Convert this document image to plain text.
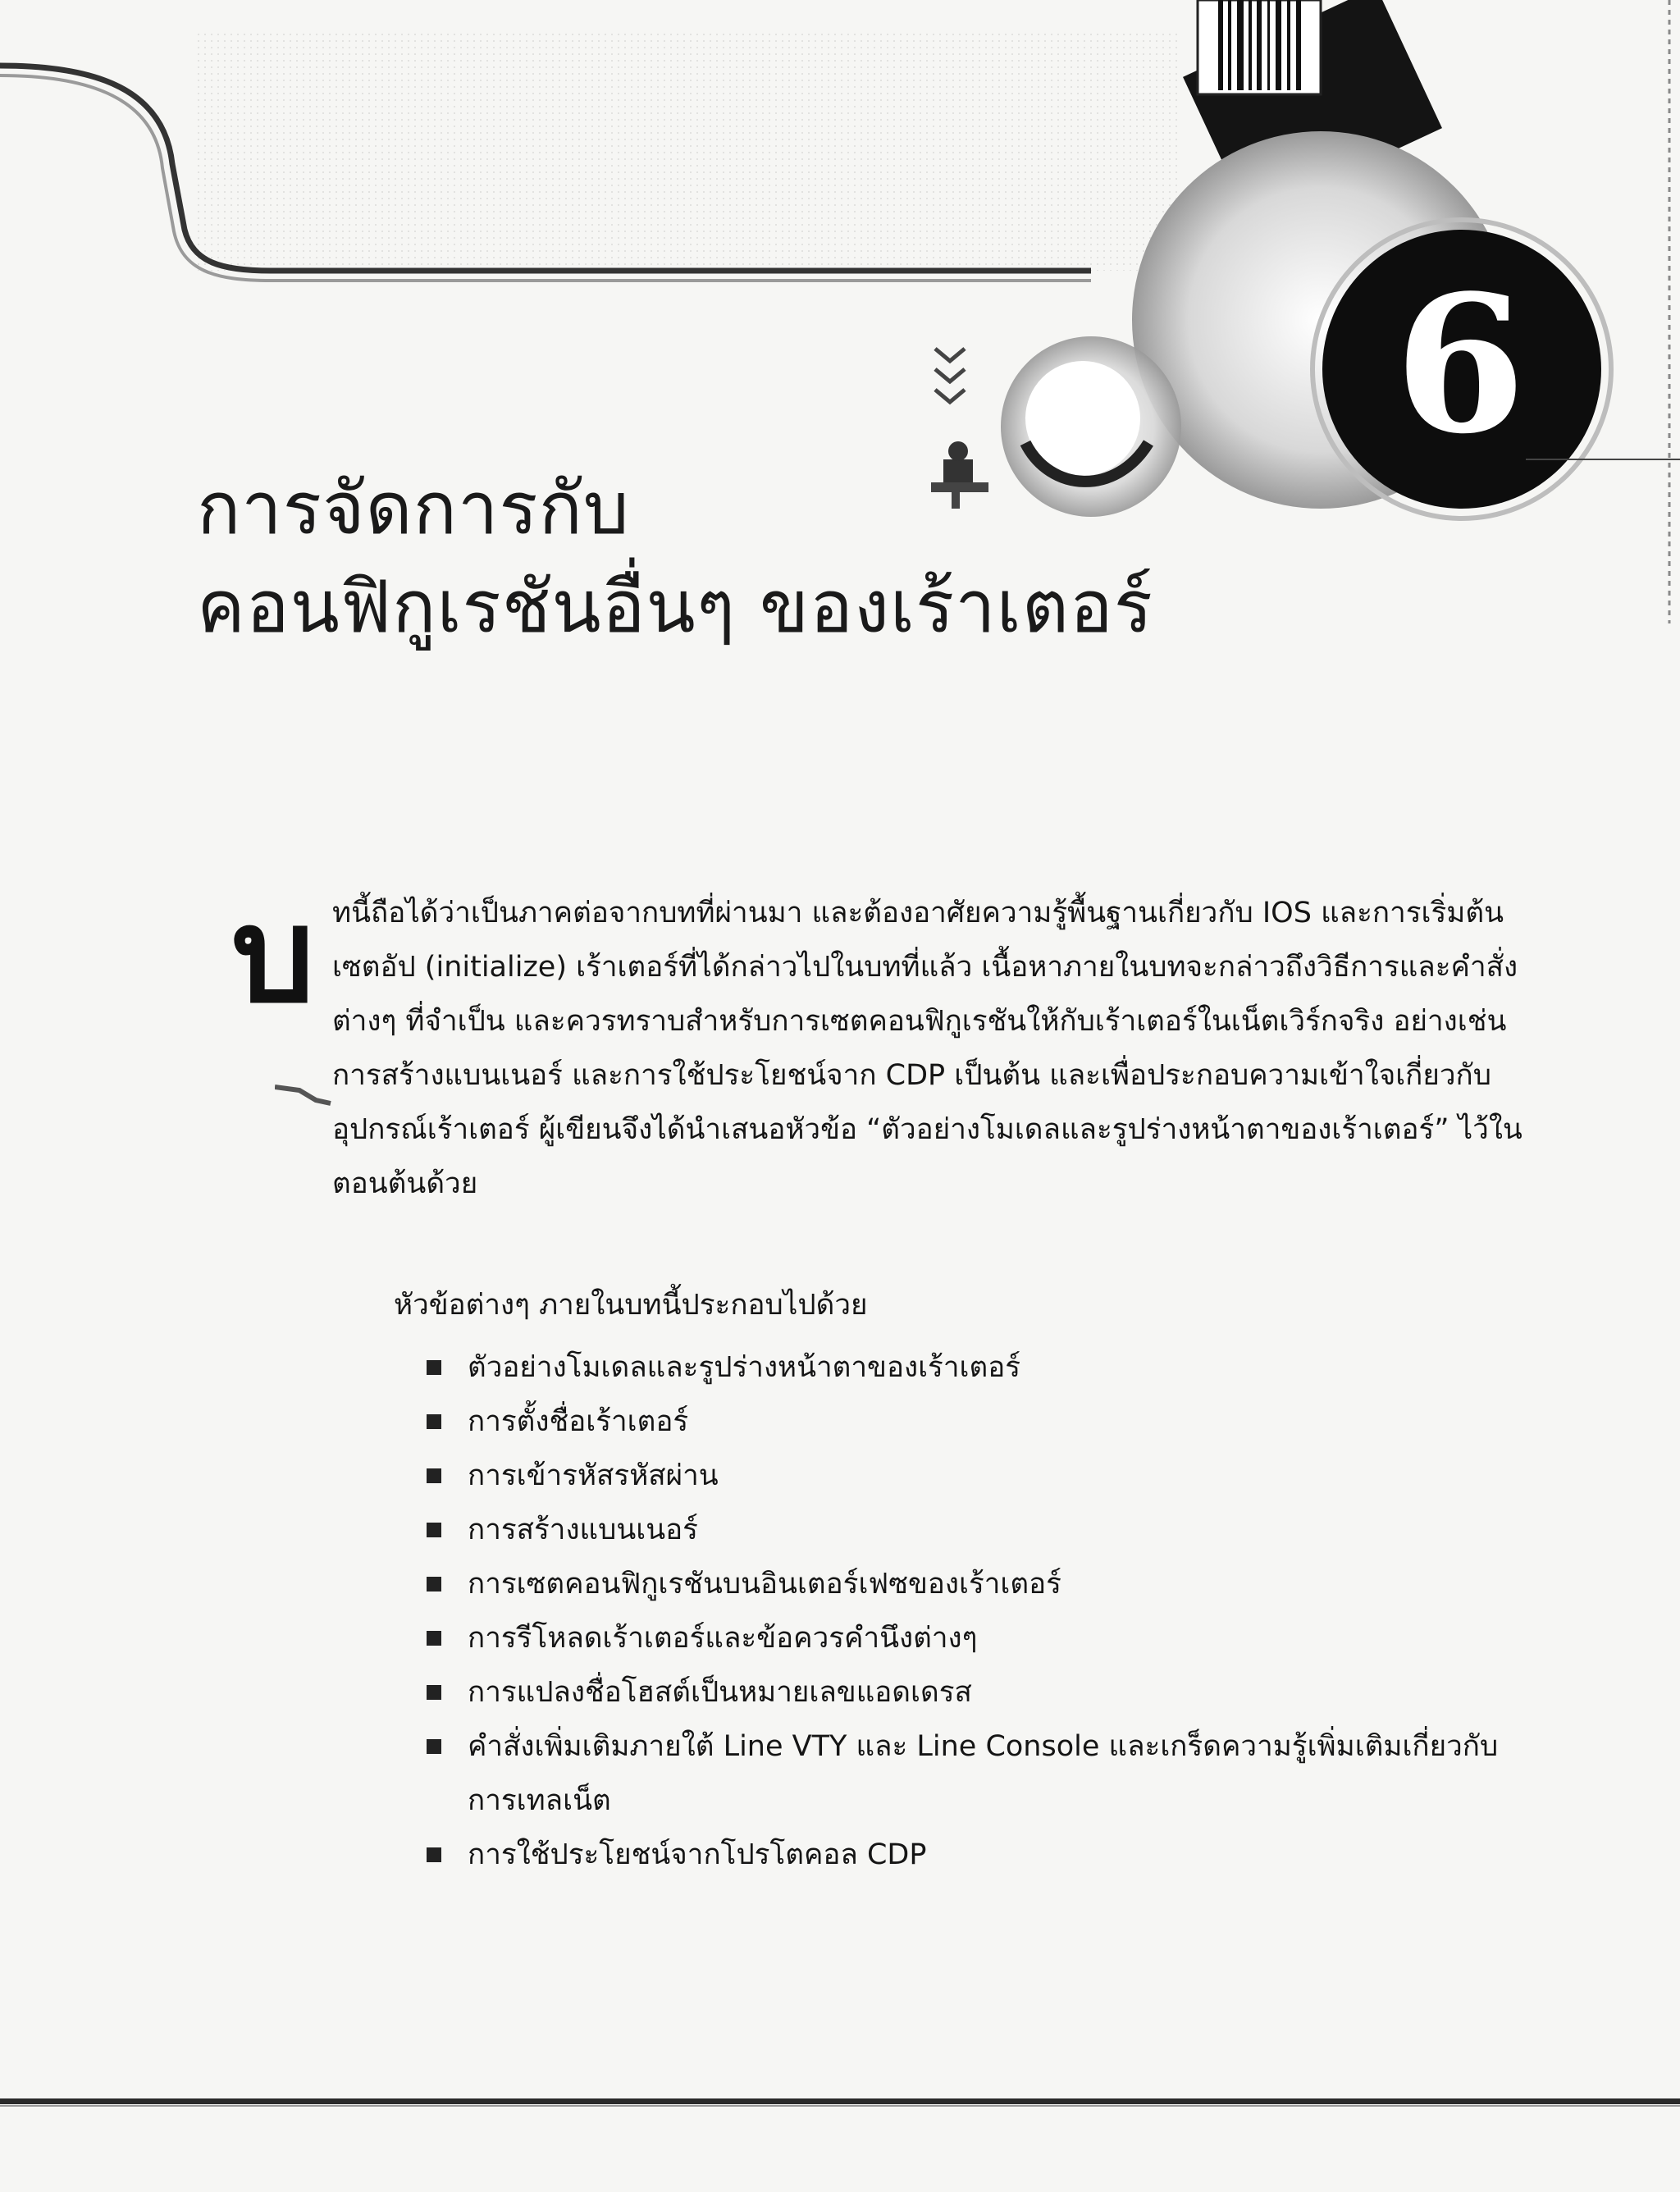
6
การจัดการกับ
คอนฟิกูเรชันอื่นๆ ของเร้าเตอร์
บ ทนี้ถือได้ว่าเป็นภาคต่อจากบทที่ผ่านมา และต้องอาศัยความรู้พื้นฐานเกี่ยวกับ IOS และการเริ่มต้น
เซตอัป (initialize) เร้าเตอร์ที่ได้กล่าวไปในบทที่แล้ว เนื้อหาภายในบทจะกล่าวถึงวิธีการและคำสั่ง
ต่างๆ ที่จำเป็น และควรทราบสำหรับการเซตคอนฟิกูเรชันให้กับเร้าเตอร์ในเน็ตเวิร์กจริง อย่างเช่น
การสร้างแบนเนอร์ และการใช้ประโยชน์จาก CDP เป็นต้น และเพื่อประกอบความเข้าใจเกี่ยวกับ
อุปกรณ์เร้าเตอร์ ผู้เขียนจึงได้นำเสนอหัวข้อ “ตัวอย่างโมเดลและรูปร่างหน้าตาของเร้าเตอร์” ไว้ใน
ตอนต้นด้วย
หัวข้อต่างๆ ภายในบทนี้ประกอบไปด้วย
ตัวอย่างโมเดลและรูปร่างหน้าตาของเร้าเตอร์
การตั้งชื่อเร้าเตอร์
การเข้ารหัสรหัสผ่าน
การสร้างแบนเนอร์
การเซตคอนฟิกูเรชันบนอินเตอร์เฟซของเร้าเตอร์
การรีโหลดเร้าเตอร์และข้อควรคำนึงต่างๆ
การแปลงชื่อโฮสต์เป็นหมายเลขแอดเดรส
คำสั่งเพิ่มเติมภายใต้ Line VTY และ Line Console และเกร็ดความรู้เพิ่มเติมเกี่ยวกับ
การเทลเน็ต
การใช้ประโยชน์จากโปรโตคอล CDP
